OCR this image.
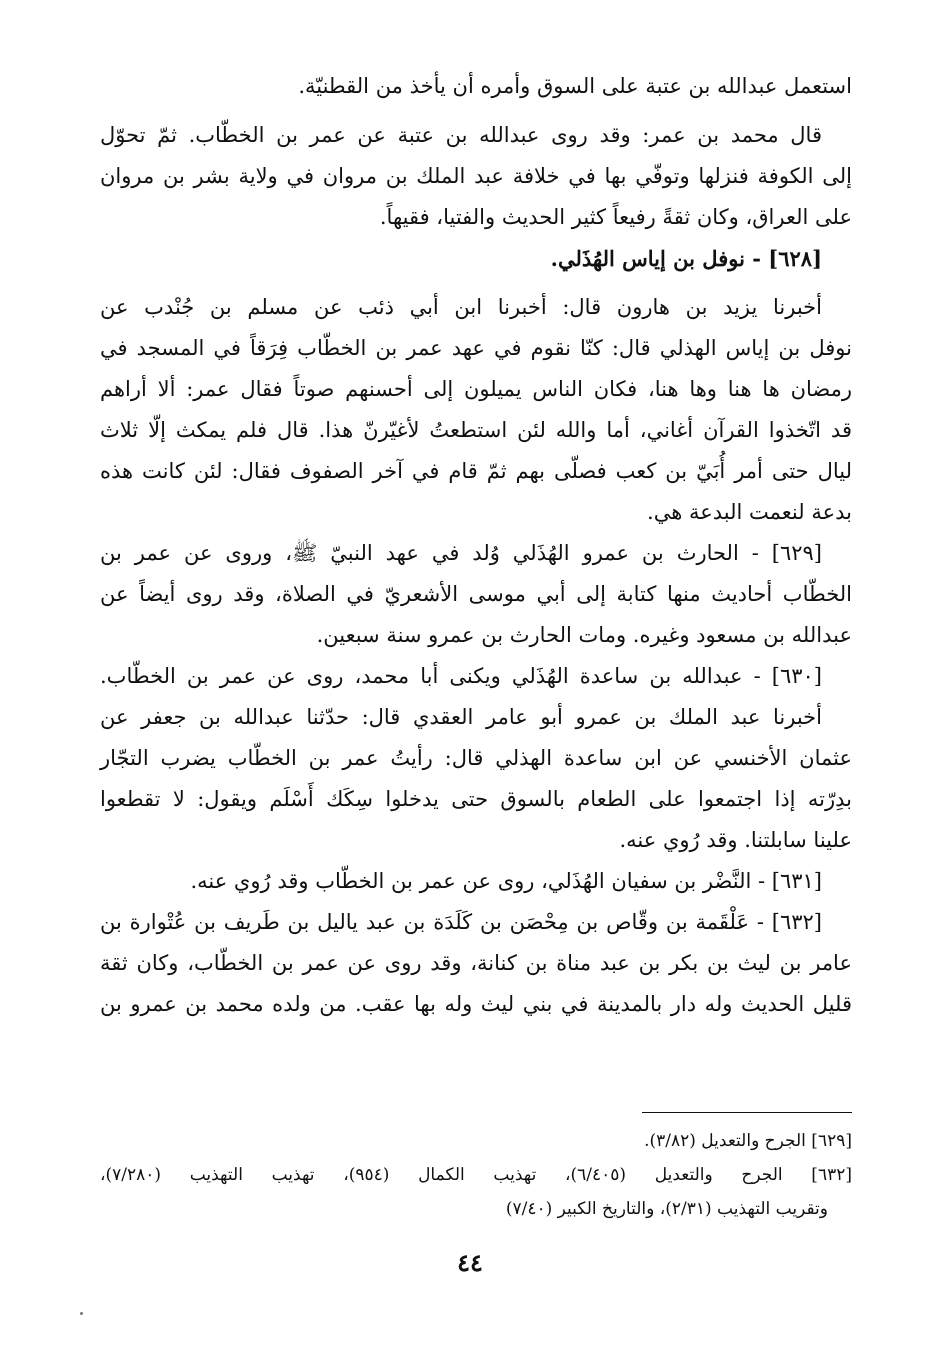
استعمل عبدالله بن عتبة على السوق وأمره أن يأخذ من القطنيّة.
قال محمد بن عمر: وقد روى عبدالله بن عتبة عن عمر بن الخطّاب. ثمّ تحوّل
إلى الكوفة فنزلها وتوفّي بها في خلافة عبد الملك بن مروان في ولاية بشر بن مروان
على العراق، وكان ثقةً رفيعاً كثير الحديث والفتيا، فقيهاً.
[٦٢٨] - نوفل بن إياس الهُذَلي.
أخبرنا يزيد بن هارون قال: أخبرنا ابن أبي ذئب عن مسلم بن جُنْدب عن
نوفل بن إياس الهذلي قال: كنّا نقوم في عهد عمر بن الخطّاب فِرَقاً في المسجد في
رمضان ها هنا وها هنا، فكان الناس يميلون إلى أحسنهم صوتاً فقال عمر: ألا أراهم
قد اتّخذوا القرآن أغاني، أما والله لئن استطعتُ لأغيّرنّ هذا. قال فلم يمكث إلّا ثلاث
ليال حتى أمر أُبَيّ بن كعب فصلّى بهم ثمّ قام في آخر الصفوف فقال: لئن كانت هذه
بدعة لنعمت البدعة هي.
[٦٢٩] - الحارث بن عمرو الهُذَلي وُلد في عهد النبيّ ﷺ، وروى عن عمر بن
الخطّاب أحاديث منها كتابة إلى أبي موسى الأشعريّ في الصلاة، وقد روى أيضاً عن
عبدالله بن مسعود وغيره. ومات الحارث بن عمرو سنة سبعين.
[٦٣٠] - عبدالله بن ساعدة الهُذَلي ويكنى أبا محمد، روى عن عمر بن الخطّاب.
أخبرنا عبد الملك بن عمرو أبو عامر العقدي قال: حدّثنا عبدالله بن جعفر عن
عثمان الأخنسي عن ابن ساعدة الهذلي قال: رأيتُ عمر بن الخطّاب يضرب التجّار
بدِرّته إذا اجتمعوا على الطعام بالسوق حتى يدخلوا سِكَك أَسْلَم ويقول: لا تقطعوا
علينا سابلتنا. وقد رُوي عنه.
[٦٣١] - النَّضْر بن سفيان الهُذَلي، روى عن عمر بن الخطّاب وقد رُوي عنه.
[٦٣٢] - عَلْقَمة بن وقّاص بن مِحْصَن بن كَلَدَة بن عبد ياليل بن طَريف بن عُتْوارة بن
عامر بن ليث بن بكر بن عبد مناة بن كنانة، وقد روى عن عمر بن الخطّاب، وكان ثقة
قليل الحديث وله دار بالمدينة في بني ليث وله بها عقب. من ولده محمد بن عمرو بن
[٦٢٩] الجرح والتعديل (٣/٨٢).
[٦٣٢] الجرح والتعديل (٦/٤٠٥)، تهذيب الكمال (٩٥٤)، تهذيب التهذيب (٧/٢٨٠)،
وتقريب التهذيب (٢/٣١)، والتاريخ الكبير (٧/٤٠)
٤٤
